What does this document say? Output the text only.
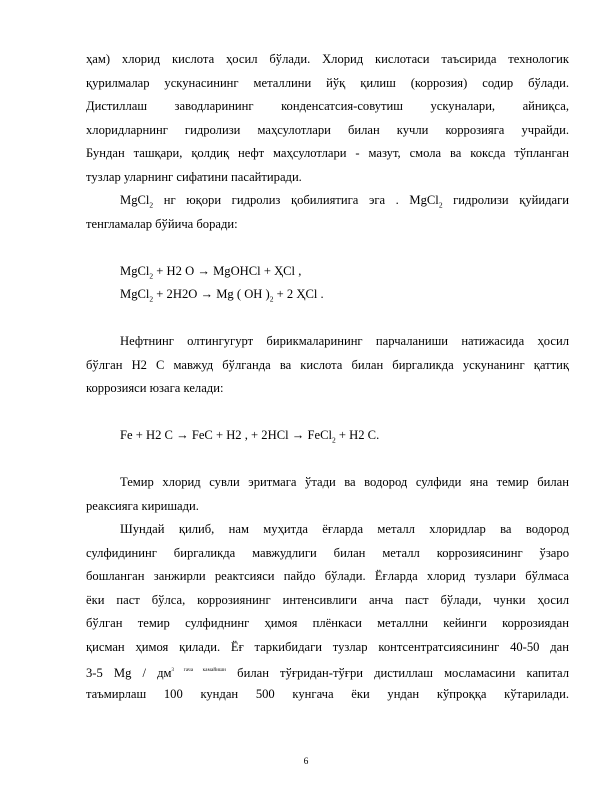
ҳам) хлорид кислота ҳосил бўлади. Хлорид кислотаси таъсирида технологик
қурилмалар ускунасининг металлини йўқ қилиш (коррозия) содир бўлади.
Дистиллаш заводларининг конденсатсия-совутиш ускуналари, айниқса,
хлоридларнинг гидролизи маҳсулотлари билан кучли коррозияга учрайди.
Бундан ташқари, қолдиқ нефт маҳсулотлари - мазут, смола ва коксда тўпланган
тузлар уларнинг сифатини пасайтиради.
MgCl$_2$ нг юқори гидролиз қобилиятига эга . MgCl$_2$ гидролизи қуйидаги
тенгламалар бўйича боради:
MgCl$_2$ + H2 O → MgOHCl + ҲCl ,
MgCl$_2$ + 2H2O → Mg ( OH )$_2 + 2$ ҲCl .
Нефтнинг олтингугурт бирикмаларининг парчаланиши натижасида ҳосил
бўлган H2 C мавжуд бўлганда ва кислота билан биргаликда ускунанинг қаттиқ
коррозияси юзага келади:
Fe + H2 C → FeC + H2 , + 2HCl → FeCl$_2$ + H2 C.
Темир хлорид сувли эритмага ўтади ва водород сулфиди яна темир билан
реаксияга киришади.
Шундай қилиб, нам муҳитда ёғларда металл хлоридлар ва водород
сулфидининг биргаликда мавжудлиги билан металл коррозиясининг ўзаро
бошланган занжирли реактсияси пайдо бўлади. Ёғларда хлорид тузлари бўлмаса
ёки паст бўлса, коррозиянинг интенсивлиги анча паст бўлади, чунки ҳосил
бўлган темир сулфиднинг ҳимоя плёнкаси металлни кейинги коррозиядан
қисман ҳимоя қилади. Ёғ таркибидаги тузлар контсентратсиясининг 40-50 дан
3-5 Mg / $дм^{3 гача камайиши}$ билан тўғридан-тўғри дистиллаш мосламасини капитал
таъмирлаш 100 кундан 500 кунгача ёки ундан кўпроққа кўтарилади.
6
